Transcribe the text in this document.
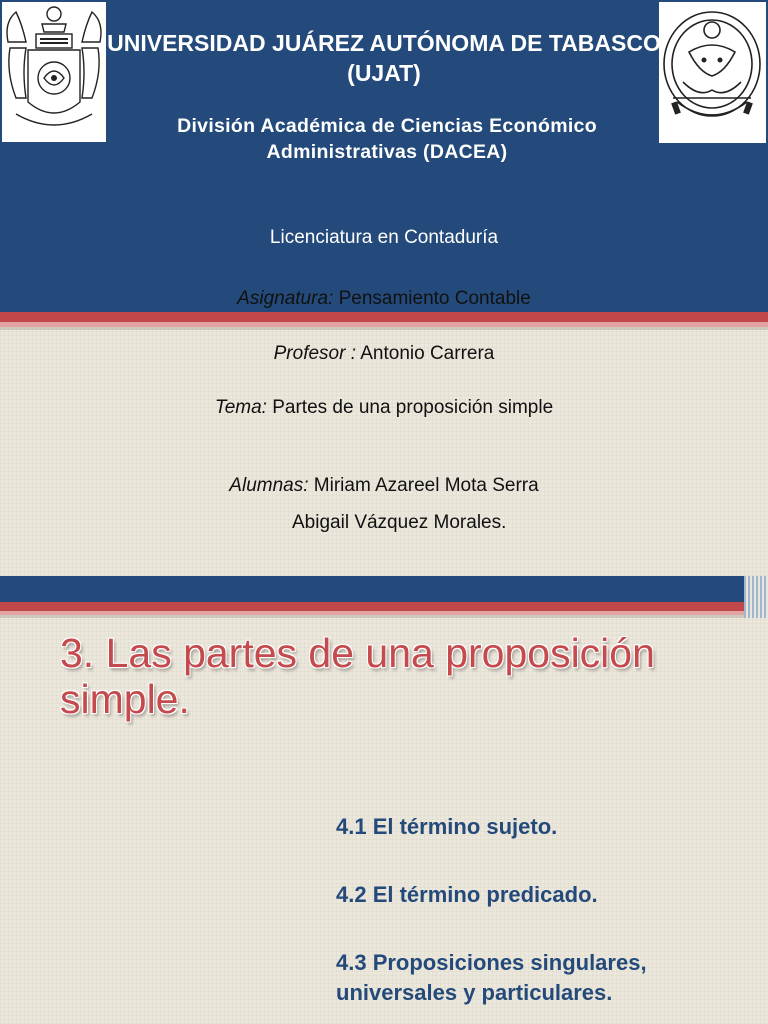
UNIVERSIDAD JUÁREZ AUTÓNOMA DE TABASCO (UJAT)
División Académica de Ciencias Económico Administrativas (DACEA)
Licenciatura en Contaduría
Asignatura: Pensamiento Contable
Profesor : Antonio Carrera
Tema: Partes de una proposición simple
Alumnas: Miriam Azareel Mota Serra
Abigail Vázquez Morales.
3. Las partes de una proposición simple.

4.1 El término sujeto.

4.2 El término predicado.

4.3 Proposiciones singulares, universales y particulares.
